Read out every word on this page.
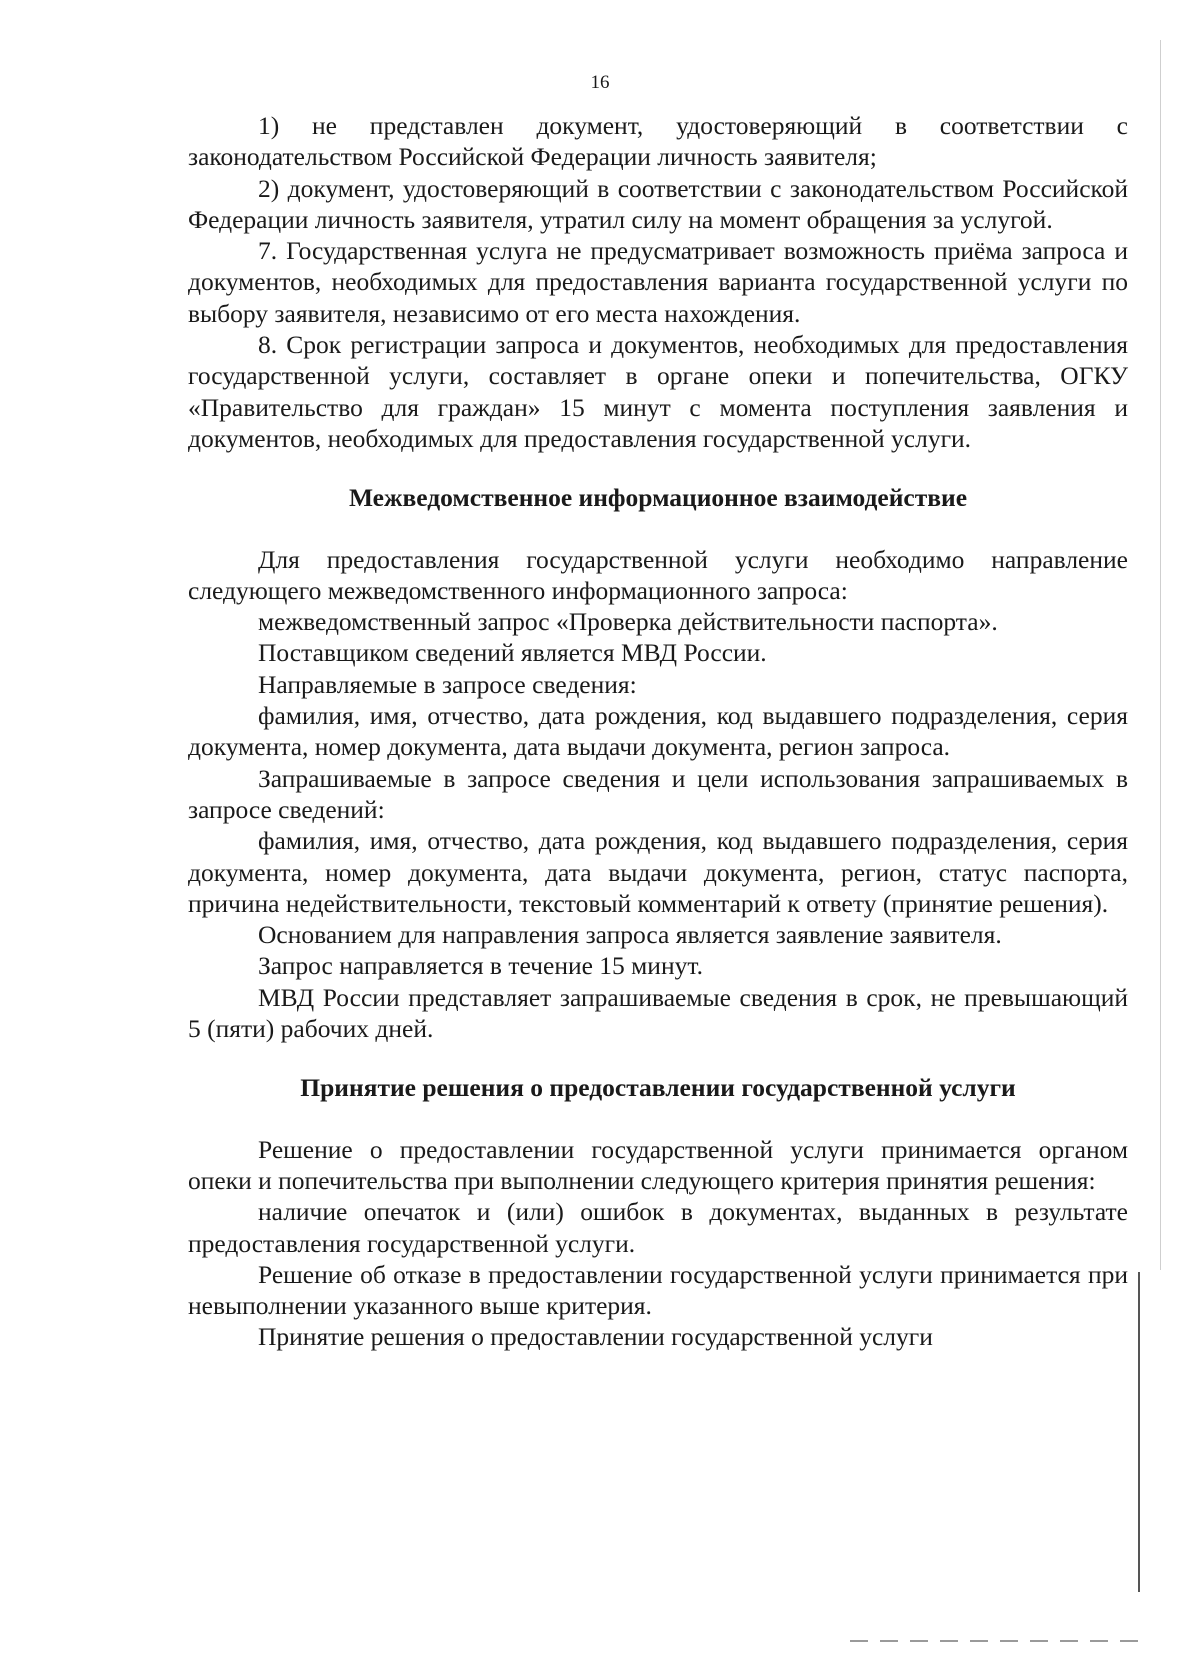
16

1) не представлен документ, удостоверяющий в соответствии с законодательством Российской Федерации личность заявителя;

2) документ, удостоверяющий в соответствии с законодательством Российской Федерации личность заявителя, утратил силу на момент обращения за услугой.

7. Государственная услуга не предусматривает возможность приёма запроса и документов, необходимых для предоставления варианта государственной услуги по выбору заявителя, независимо от его места нахождения.

8. Срок регистрации запроса и документов, необходимых для предоставления государственной услуги, составляет в органе опеки и попечительства, ОГКУ «Правительство для граждан» 15 минут с момента поступления заявления и документов, необходимых для предоставления государственной услуги.

Межведомственное информационное взаимодействие

Для предоставления государственной услуги необходимо направление следующего межведомственного информационного запроса:

межведомственный запрос «Проверка действительности паспорта».

Поставщиком сведений является МВД России.

Направляемые в запросе сведения:

фамилия, имя, отчество, дата рождения, код выдавшего подразделения, серия документа, номер документа, дата выдачи документа, регион запроса.

Запрашиваемые в запросе сведения и цели использования запрашиваемых в запросе сведений:

фамилия, имя, отчество, дата рождения, код выдавшего подразделения, серия документа, номер документа, дата выдачи документа, регион, статус паспорта, причина недействительности, текстовый комментарий к ответу (принятие решения).

Основанием для направления запроса является заявление заявителя.

Запрос направляется в течение 15 минут.

МВД России представляет запрашиваемые сведения в срок, не превышающий 5 (пяти) рабочих дней.

Принятие решения о предоставлении государственной услуги

Решение о предоставлении государственной услуги принимается органом опеки и попечительства при выполнении следующего критерия принятия решения:

наличие опечаток и (или) ошибок в документах, выданных в результате предоставления государственной услуги.

Решение об отказе в предоставлении государственной услуги принимается при невыполнении указанного выше критерия.

Принятие решения о предоставлении государственной услуги
